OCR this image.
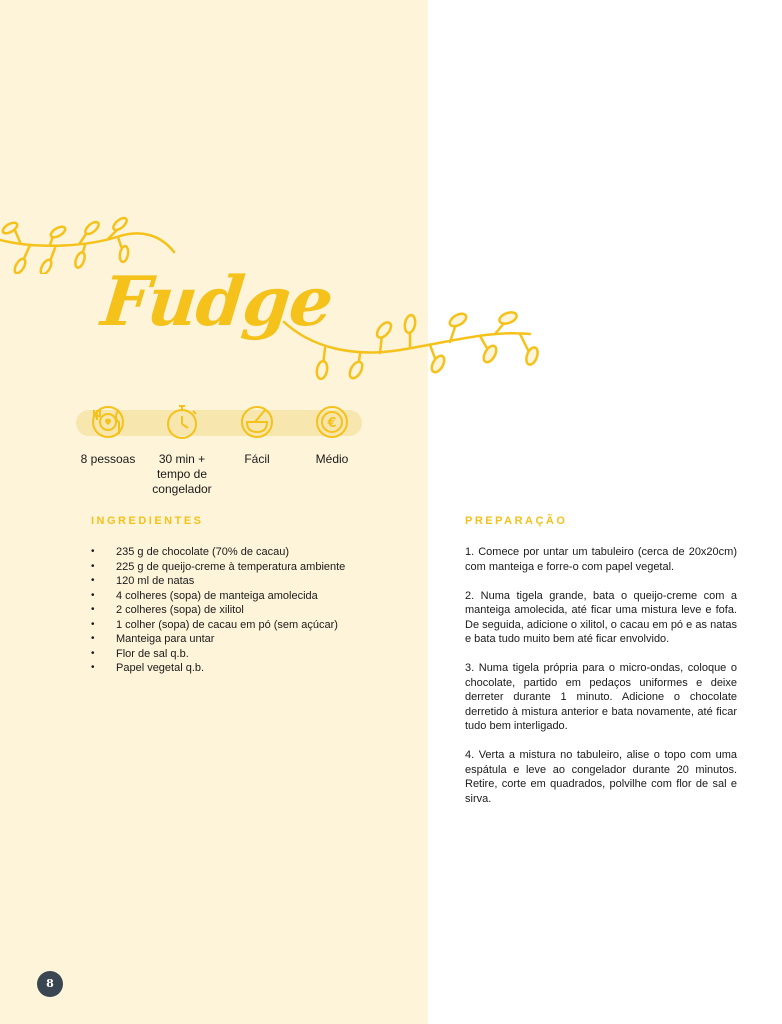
Fudge
8 pessoas	30 min +
tempo de
congelador
Fácil
€
Médio
INGREDIENTES
• 235 g de chocolate (70% de cacau)
• 225 g de queijo-creme à temperatura ambiente
• 120 ml de natas
• 4 colheres (sopa) de manteiga amolecida
• 2 colheres (sopa) de xilitol
• 1 colher (sopa) de cacau em pó (sem açúcar)
• Manteiga para untar
• Flor de sal q.b.
• Papel vegetal q.b.
PREPARAÇÃO

1. Comece por untar um tabuleiro (cerca de 20x20cm) com manteiga e forre-o com papel vegetal.

2. Numa tigela grande, bata o queijo-creme com a manteiga amolecida, até ficar uma mistura leve e fofa. De seguida, adicione o xilitol, o cacau em pó e as natas e bata tudo muito bem até ficar envolvido.

3. Numa tigela própria para o micro-ondas, coloque o chocolate, partido em pedaços uniformes e deixe derreter durante 1 minuto. Adicione o chocolate derretido à mistura anterior e bata novamente, até ficar tudo bem interligado.

4. Verta a mistura no tabuleiro, alise o topo com uma espátula e leve ao congelador durante 20 minutos. Retire, corte em quadrados, polvilhe com flor de sal e sirva.

8
